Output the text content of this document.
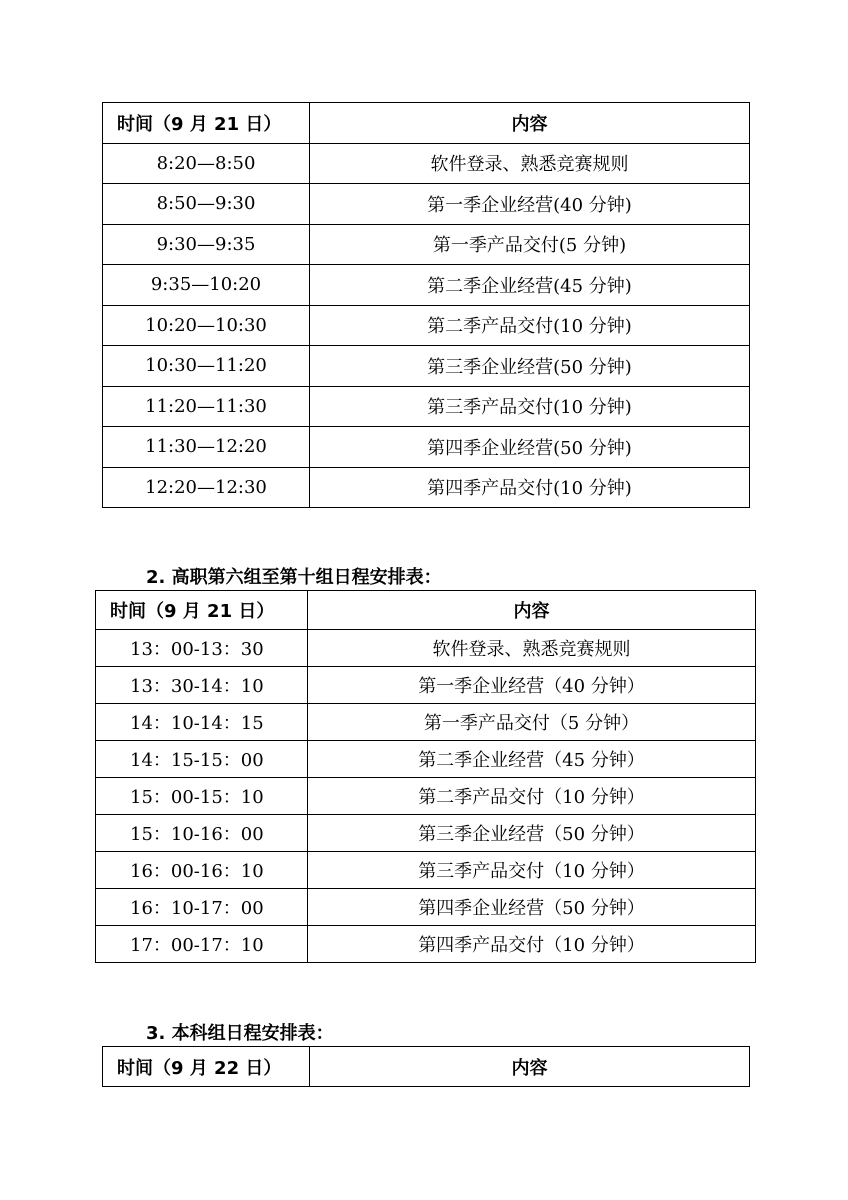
时间（9 月 21 日）	内容
8:20—8:50	软件登录、熟悉竞赛规则
8:50—9:30	第一季企业经营(40 分钟)
9:30—9:35	第一季产品交付(5 分钟)
9:35—10:20	第二季企业经营(45 分钟)
10:20—10:30	第二季产品交付(10 分钟)
10:30—11:20	第三季企业经营(50 分钟)
11:20—11:30	第三季产品交付(10 分钟)
11:30—12:20	第四季企业经营(50 分钟)
12:20—12:30	第四季产品交付(10 分钟)
2. 高职第六组至第十组日程安排表：
时间（9 月 21 日）	内容
13：00-13：30	软件登录、熟悉竞赛规则
13：30-14：10	第一季企业经营（40 分钟）
14：10-14：15	第一季产品交付（5 分钟）
14：15-15：00	第二季企业经营（45 分钟）
15：00-15：10	第二季产品交付（10 分钟）
15：10-16：00	第三季企业经营（50 分钟）
16：00-16：10	第三季产品交付（10 分钟）
16：10-17：00	第四季企业经营（50 分钟）
17：00-17：10	第四季产品交付（10 分钟）
3. 本科组日程安排表：
时间（9 月 22 日）	内容
